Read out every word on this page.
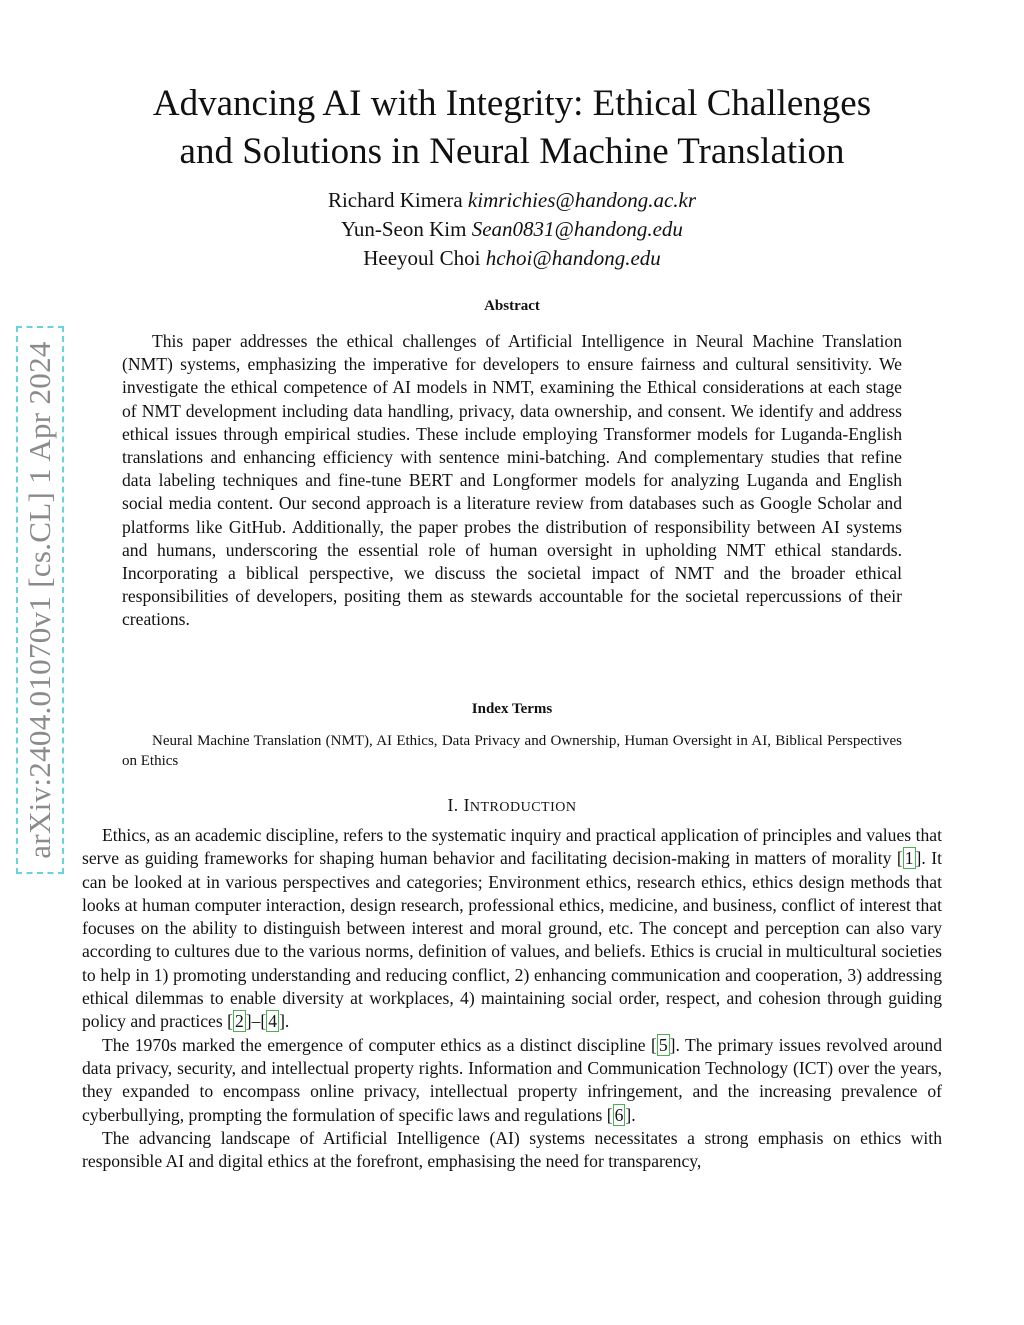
arXiv:2404.01070v1 [cs.CL] 1 Apr 2024
Advancing AI with Integrity: Ethical Challenges
and Solutions in Neural Machine Translation
Richard Kimera kimrichies@handong.ac.kr
Yun-Seon Kim Sean0831@handong.edu
Heeyoul Choi hchoi@handong.edu
Abstract

This paper addresses the ethical challenges of Artificial Intelligence in Neural Machine Translation (NMT) systems, emphasizing the imperative for developers to ensure fairness and cultural sensitivity. We investigate the ethical competence of AI models in NMT, examining the Ethical considerations at each stage of NMT development including data handling, privacy, data ownership, and consent. We identify and address ethical issues through empirical studies. These include employing Transformer models for Luganda-English translations and enhancing efficiency with sentence mini-batching. And complementary studies that refine data labeling techniques and fine-tune BERT and Longformer models for analyzing Luganda and English social media content. Our second approach is a literature review from databases such as Google Scholar and platforms like GitHub. Additionally, the paper probes the distribution of responsibility between AI systems and humans, underscoring the essential role of human oversight in upholding NMT ethical standards. Incorporating a biblical perspective, we discuss the societal impact of NMT and the broader ethical responsibilities of developers, positing them as stewards accountable for the societal repercussions of their creations.

Index Terms

Neural Machine Translation (NMT), AI Ethics, Data Privacy and Ownership, Human Oversight in AI, Biblical Perspectives on Ethics

I. INTRODUCTION

Ethics, as an academic discipline, refers to the systematic inquiry and practical application of principles and values that serve as guiding frameworks for shaping human behavior and facilitating decision-making in matters of morality [ 1 ]. It can be looked at in various perspectives and categories; Environment ethics, research ethics, ethics design methods that looks at human computer interaction, design research, professional ethics, medicine, and business, conflict of interest that focuses on the ability to distinguish between interest and moral ground, etc. The concept and perception can also vary according to cultures due to the various norms, definition of values, and beliefs. Ethics is crucial in multicultural societies to help in 1) promoting understanding and reducing conflict, 2) enhancing communication and cooperation, 3) addressing ethical dilemmas to enable diversity at workplaces, 4) maintaining social order, respect, and cohesion through guiding policy and practices [ 2 ]–[ 4 ].

The 1970s marked the emergence of computer ethics as a distinct discipline [ 5 ]. The primary issues revolved around data privacy, security, and intellectual property rights. Information and Communication Technology (ICT) over the years, they expanded to encompass online privacy, intellectual property infringement, and the increasing prevalence of cyberbullying, prompting the formulation of specific laws and regulations [ 6 ].

The advancing landscape of Artificial Intelligence (AI) systems necessitates a strong emphasis on ethics with responsible AI and digital ethics at the forefront, emphasising the need for transparency,
